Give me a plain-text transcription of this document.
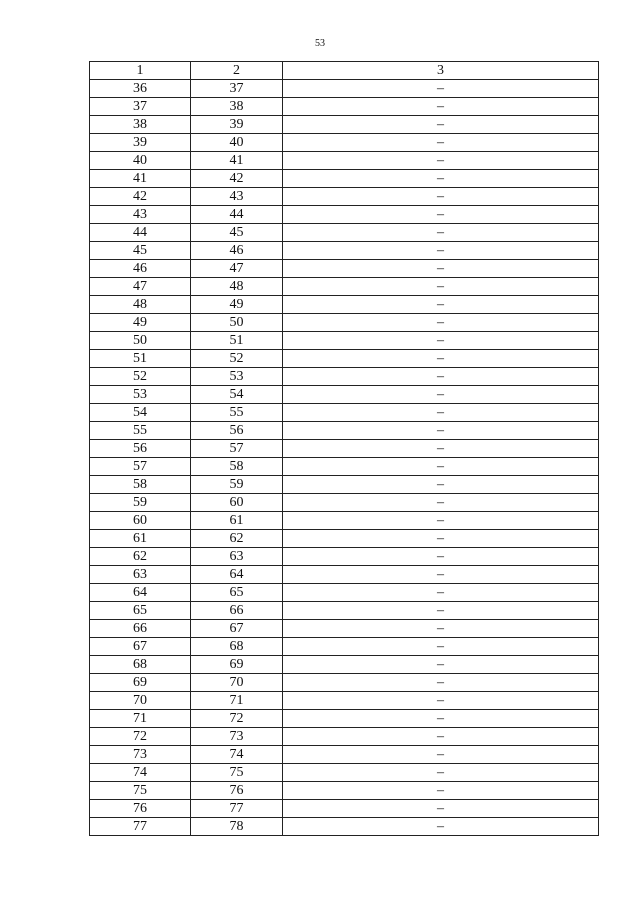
53
1	2	3
36	37	–
37	38	–
38	39	–
39	40	–
40	41	–
41	42	–
42	43	–
43	44	–
44	45	–
45	46	–
46	47	–
47	48	–
48	49	–
49	50	–
50	51	–
51	52	–
52	53	–
53	54	–
54	55	–
55	56	–
56	57	–
57	58	–
58	59	–
59	60	–
60	61	–
61	62	–
62	63	–
63	64	–
64	65	–
65	66	–
66	67	–
67	68	–
68	69	–
69	70	–
70	71	–
71	72	–
72	73	–
73	74	–
74	75	–
75	76	–
76	77	–
77	78	–
